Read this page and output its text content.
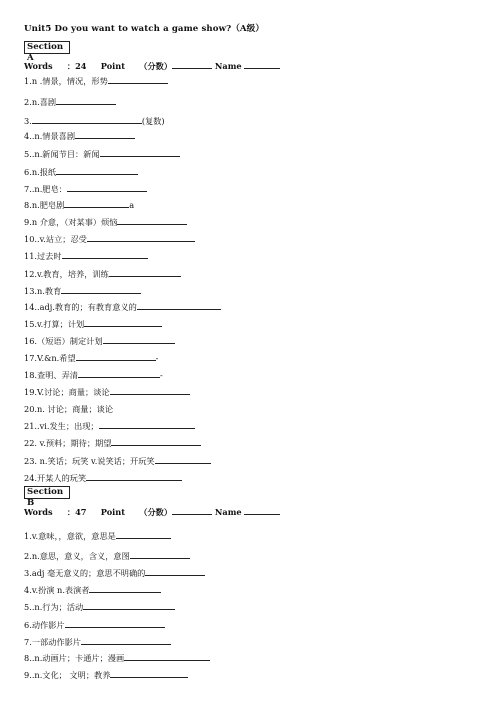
Unit5 Do you want to watch a game show?（A级）
Section A
Words ：24 Point （分数）	Name
1.n .情景，情况，形势
2.n.喜剧
3.	(复数)
4..n.情景喜剧
5..n.新闻节目：新闻
6.n.报纸
7..n.肥皂：
8.n.肥皂剧	a
9.n 介意，（对某事）烦恼
10..v.站立；忍受
11.过去时
12.v.教育，培养，训练
13.n.教育
14..adj.教育的；有教育意义的
15.v.打算；计划
16.（短语）制定计划
17.V.&n.希望	-
18.查明、弄清	-
19.V.讨论；商量；谈论
20.n. 讨论；商量；谈论
21..vi.发生；出现；
22. v.预料；期待；期望
23. n.笑话；玩笑 v.说笑话；开玩笑
24.开某人的玩笑
Section B
Words ：47 Point （分数）	Name
1.v.意味，，意欲，意思是
2.n.意思，意义，含义，意图
3.adj 毫无意义的；意思不明确的
4.v.扮演 n.表演者
5..n.行为；活动
6.动作影片
7.一部动作影片
8..n.动画片；卡通片；漫画
9..n.文化； 文明；教养
